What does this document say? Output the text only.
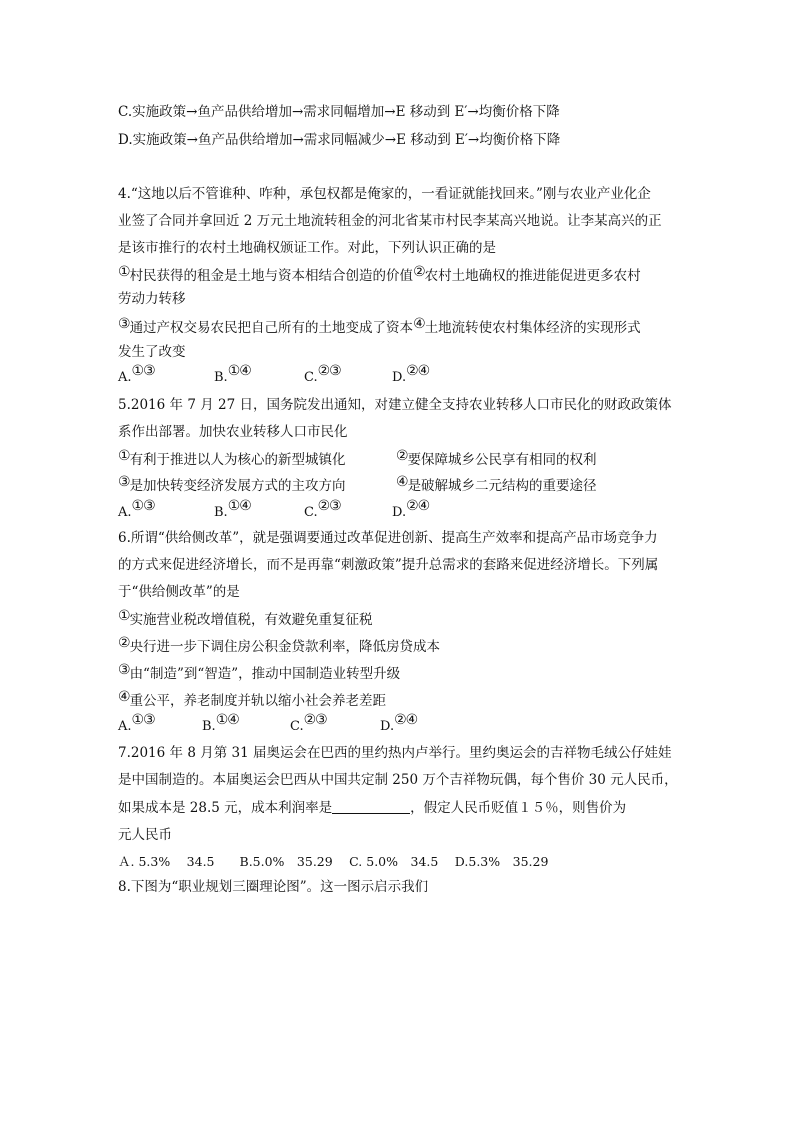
C.实施政策→鱼产品供给增加→需求同幅增加→E 移动到 E′→均衡价格下降
D.实施政策→鱼产品供给增加→需求同幅减少→E 移动到 E′→均衡价格下降
4.“这地以后不管谁种、咋种，承包权都是俺家的，一看证就能找回来。”刚与农业产业化企
业签了合同并拿回近 2 万元土地流转租金的河北省某市村民李某高兴地说。让李某高兴的正
是该市推行的农村土地确权颁证工作。对此，下列认识正确的是
①村民获得的租金是土地与资本相结合创造的价值②农村土地确权的推进能促进更多农村
劳动力转移
③通过产权交易农民把自己所有的土地变成了资本④土地流转使农村集体经济的实现形式
发生了改变
A.①③	B.①④	C.②③	D.②④
5.2016 年 7 月 27 日，国务院发出通知，对建立健全支持农业转移人口市民化的财政政策体
系作出部署。加快农业转移人口市民化
①有利于推进以人为核心的新型城镇化	②要保障城乡公民享有相同的权利
③是加快转变经济发展方式的主攻方向	④是破解城乡二元结构的重要途径
A.①③	B.①④	C.②③	D.②④
6.所谓“供给侧改革”，就是强调要通过改革促进创新、提高生产效率和提高产品市场竞争力
的方式来促进经济增长，而不是再靠“刺激政策”提升总需求的套路来促进经济增长。下列属
于“供给侧改革”的是
①实施营业税改增值税，有效避免重复征税
②央行进一步下调住房公积金贷款利率，降低房贷成本
③由“制造”到“智造”，推动中国制造业转型升级
④重公平，养老制度并轨以缩小社会养老差距
A.①③	B.①④	C.②③	D.②④
7.2016 年 8 月第 31 届奥运会在巴西的里约热内卢举行。里约奥运会的吉祥物毛绒公仔娃娃
是中国制造的。本届奥运会巴西从中国共定制 250 万个吉祥物玩偶，每个售价 30 元人民币，
如果成本是 28.5 元，成本利润率是	，假定人民币贬值１５％，则售价为
元人民币
Ａ. 5.3%　 34.5　　B.5.0%　35.29　 C. 5.0%　34.5　 D.5.3%　35.29
8.下图为“职业规划三圈理论图”。这一图示启示我们
